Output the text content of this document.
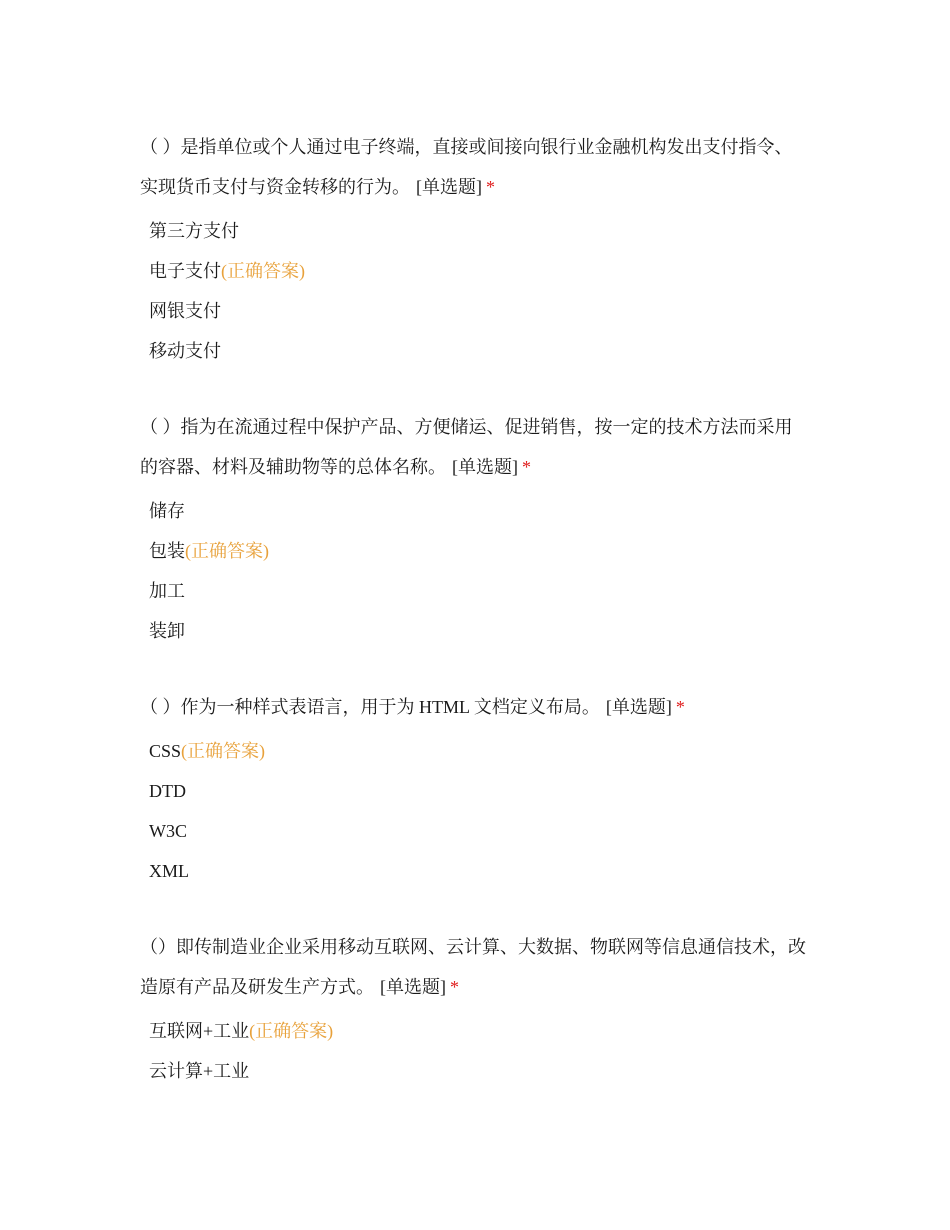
（ ）是指单位或个人通过电子终端，直接或间接向银行业金融机构发出支付指令、实现货币支付与资金转移的行为。 [单选题] *

第三方支付
电子支付(正确答案)
网银支付
移动支付

（ ）指为在流通过程中保护产品、方便储运、促进销售，按一定的技术方法而采用的容器、材料及辅助物等的总体名称。 [单选题] *

储存
包装(正确答案)
加工
装卸

（ ）作为一种样式表语言，用于为 HTML 文档定义布局。 [单选题] *

CSS(正确答案)
DTD
W3C
XML

（）即传制造业企业采用移动互联网、云计算、大数据、物联网等信息通信技术，改造原有产品及研发生产方式。 [单选题] *

互联网+工业(正确答案)
云计算+工业
